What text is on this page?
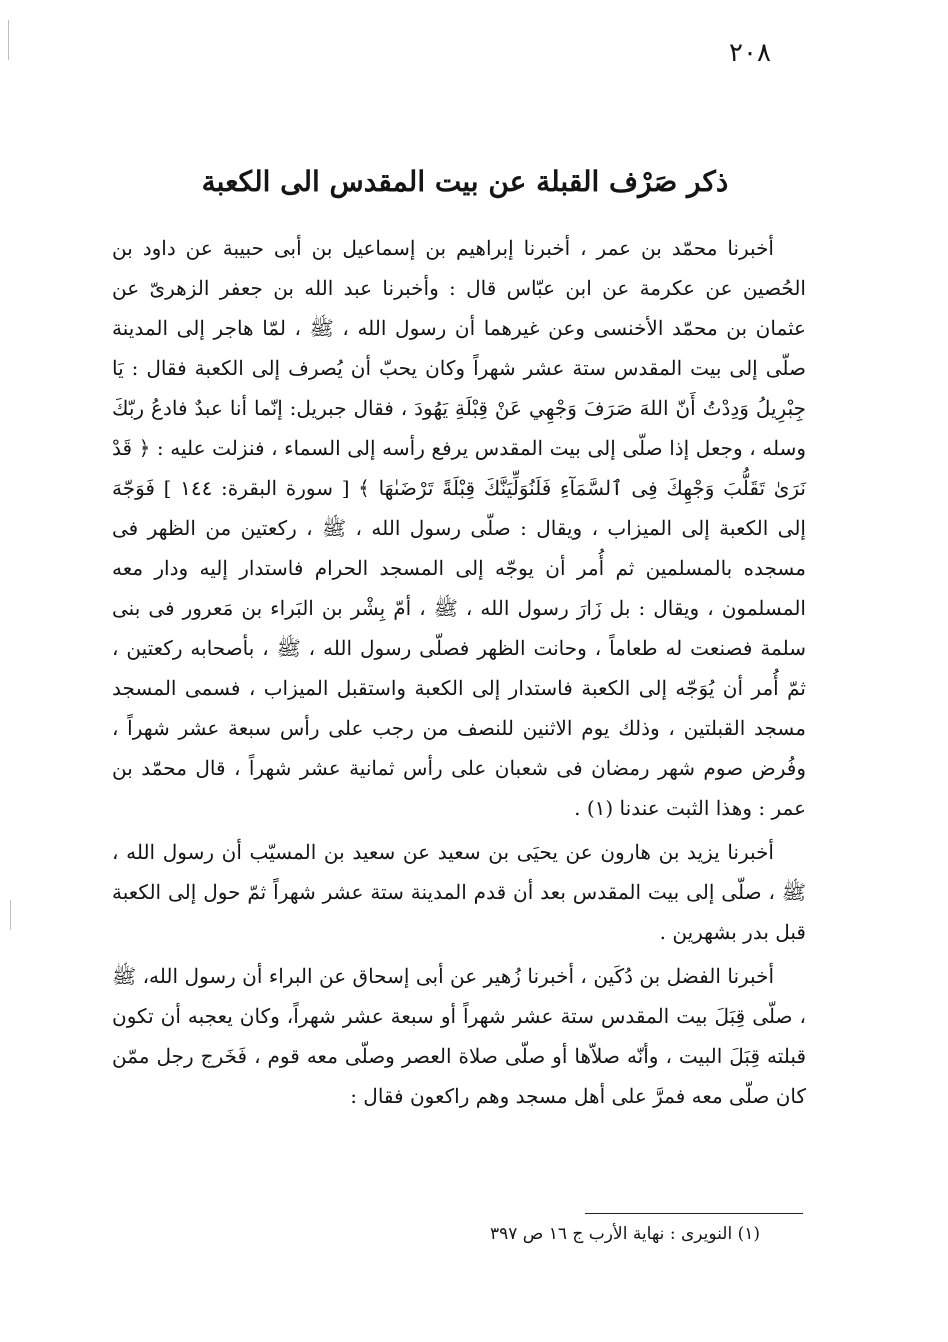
٢٠٨
ذكر صَرْف القبلة عن بيت المقدس الى الكعبة

أخبرنا محمّد بن عمر ، أخبرنا إبراهيم بن إسماعيل بن أبى حبيبة عن داود بن الحُصين عن عكرمة عن ابن عبّاس قال : وأخبرنا عبد الله بن جعفر الزهرىّ عن عثمان بن محمّد الأخنسى وعن غيرهما أن رسول الله ، ﷺ ، لمّا هاجر إلى المدينة صلّى إلى بيت المقدس ستة عشر شهراً وكان يحبّ أن يُصرف إلى الكعبة فقال : يَا جِبْرِيلُ وَدِدْتُ أَنّ اللهَ صَرَفَ وَجْهِي عَنْ قِبْلَةِ يَهُودَ ، فقال جبريل: إنّما أنا عبدٌ فادعُ ربّكَ وسله ، وجعل إذا صلّى إلى بيت المقدس يرفع رأسه إلى السماء ، فنزلت عليه : ﴿ قَدْ نَرَىٰ تَقَلُّبَ وَجْهِكَ فِى ٱلسَّمَآءِ فَلَنُوَلِّيَنَّكَ قِبْلَةً تَرْضَىٰهَا ﴾ [ سورة البقرة: ١٤٤ ] فَوَجّهَ إلى الكعبة إلى الميزاب ، ويقال : صلّى رسول الله ، ﷺ ، ركعتين من الظهر فى مسجده بالمسلمين ثم أُمر أن يوجّه إلى المسجد الحرام فاستدار إليه ودار معه المسلمون ، ويقال : بل زَارَ رسول الله ، ﷺ ، أمّ بِشْر بن البَراء بن مَعرور فى بنى سلمة فصنعت له طعاماً ، وحانت الظهر فصلّى رسول الله ، ﷺ ، بأصحابه ركعتين ، ثمّ أُمر أن يُوَجّه إلى الكعبة فاستدار إلى الكعبة واستقبل الميزاب ، فسمى المسجد مسجد القبلتين ، وذلك يوم الاثنين للنصف من رجب على رأس سبعة عشر شهراً ، وفُرض صوم شهر رمضان فى شعبان على رأس ثمانية عشر شهراً ، قال محمّد بن عمر : وهذا الثبت عندنا (١) .

أخبرنا يزيد بن هارون عن يحيَى بن سعيد عن سعيد بن المسيّب أن رسول الله ، ﷺ ، صلّى إلى بيت المقدس بعد أن قدم المدينة ستة عشر شهراً ثمّ حول إلى الكعبة قبل بدر بشهرين .

أخبرنا الفضل بن دُكَين ، أخبرنا زُهير عن أبى إسحاق عن البراء أن رسول الله، ﷺ ، صلّى قِبَلَ بيت المقدس ستة عشر شهراً أو سبعة عشر شهراً، وكان يعجبه أن تكون قبلته قِبَلَ البيت ، وأنّه صلاّها أو صلّى صلاة العصر وصلّى معه قوم ، فَخَرج رجل ممّن كان صلّى معه فمرَّ على أهل مسجد وهم راكعون فقال :

(١) النويرى : نهاية الأرب ج ١٦ ص ٣٩٧
